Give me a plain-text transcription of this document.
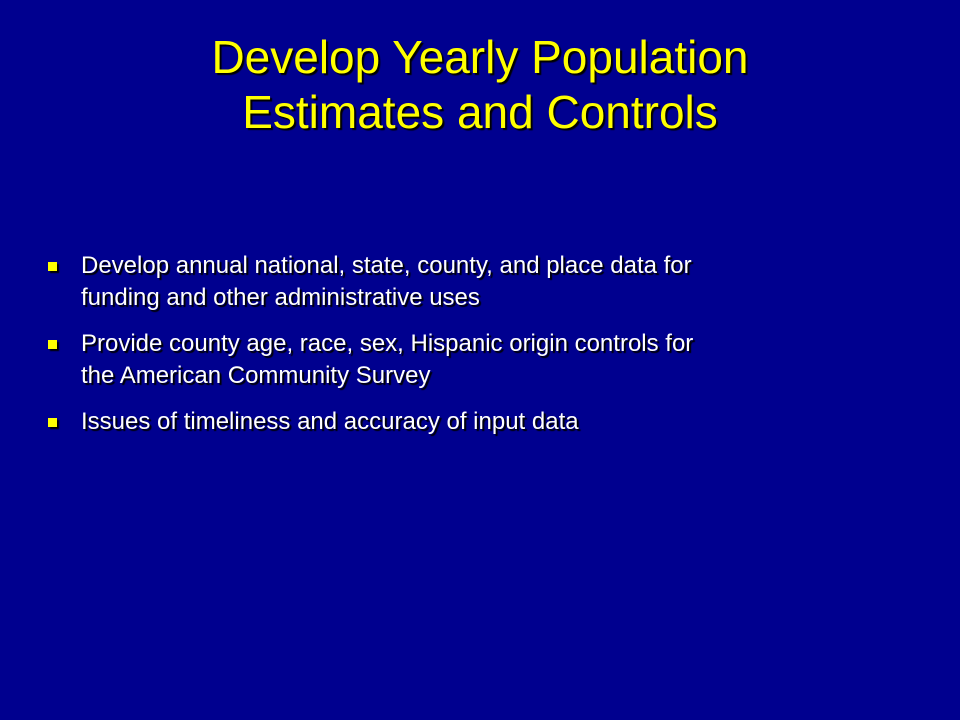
Develop Yearly Population
Estimates and Controls
Develop annual national, state, county, and place data for
funding and other administrative uses
Provide county age, race, sex, Hispanic origin controls for
the American Community Survey
Issues of timeliness and accuracy of input data
